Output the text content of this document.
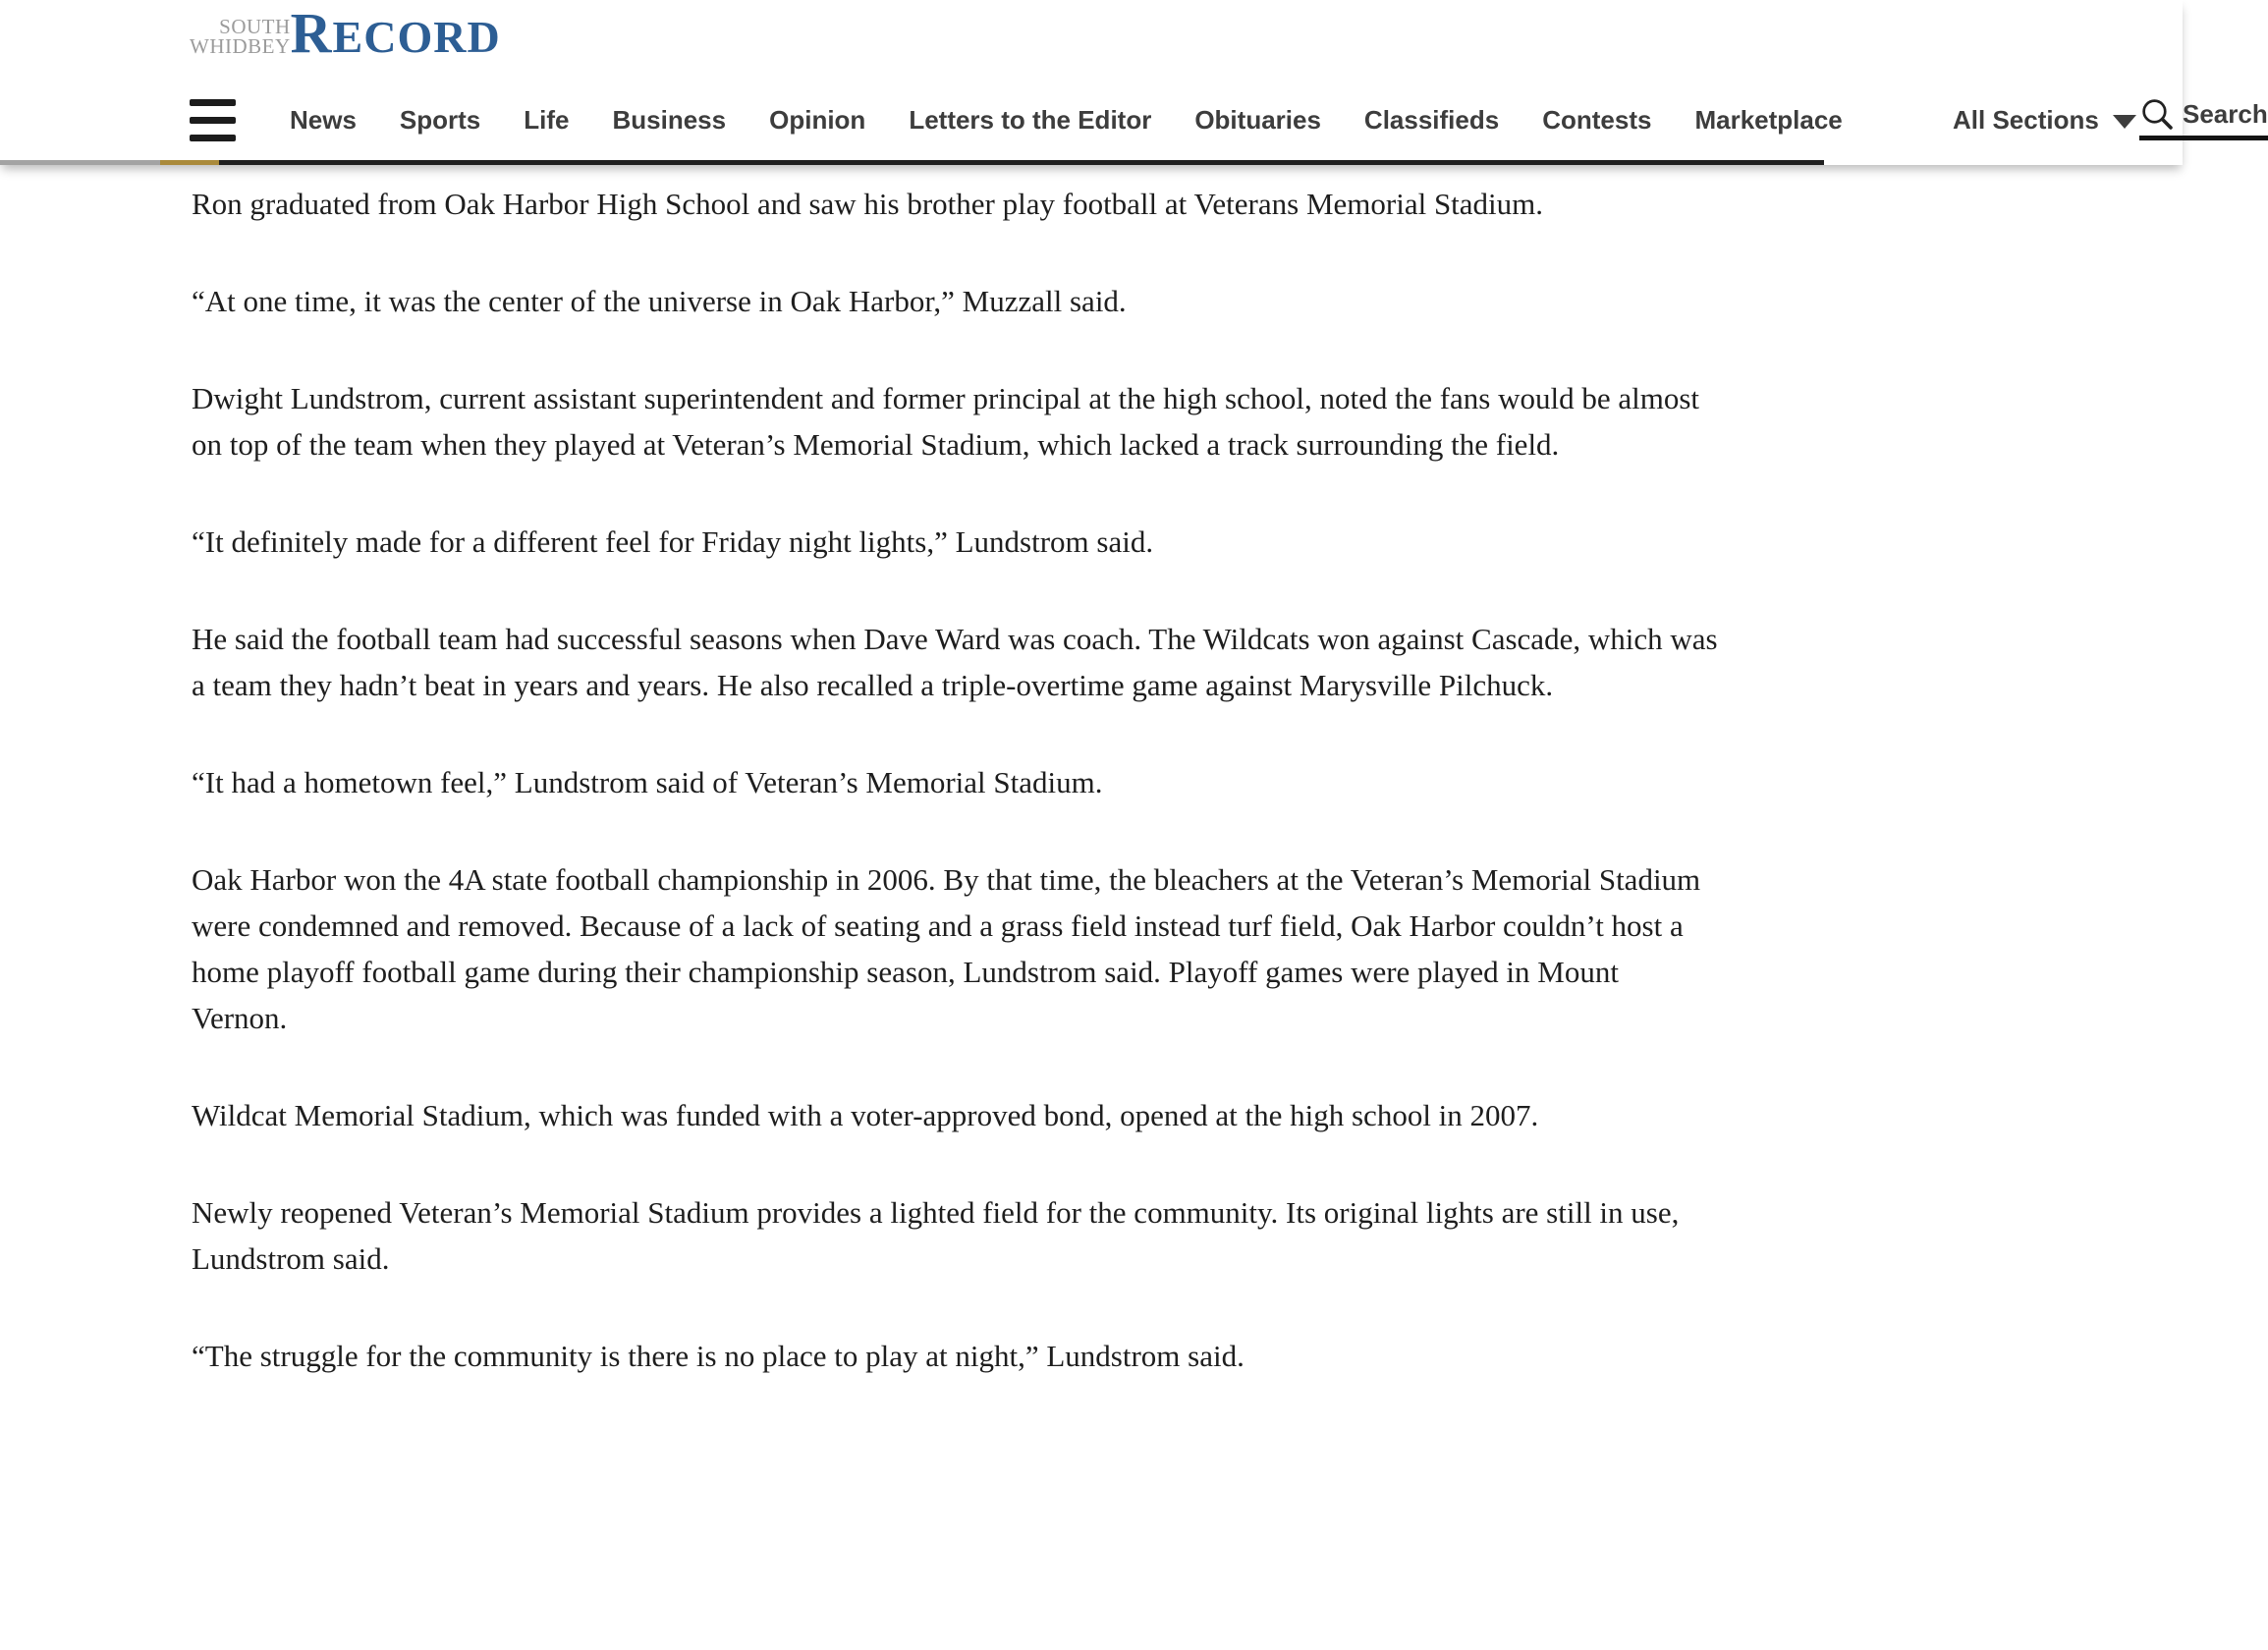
SOUTH
WHIDBEY RECORD
News Sports Life Business Opinion Letters to the Editor Obituaries Classifieds Contests Marketplace	All Sections	Search

Ron graduated from Oak Harbor High School and saw his brother play football at Veterans Memorial Stadium.

“At one time, it was the center of the universe in Oak Harbor,” Muzzall said.

Dwight Lundstrom, current assistant superintendent and former principal at the high school, noted the fans would be almost on top of the team when they played at Veteran’s Memorial Stadium, which lacked a track surrounding the field.

“It definitely made for a different feel for Friday night lights,” Lundstrom said.

He said the football team had successful seasons when Dave Ward was coach. The Wildcats won against Cascade, which was a team they hadn’t beat in years and years. He also recalled a triple-overtime game against Marysville Pilchuck.

“It had a hometown feel,” Lundstrom said of Veteran’s Memorial Stadium.

Oak Harbor won the 4A state football championship in 2006. By that time, the bleachers at the Veteran’s Memorial Stadium were condemned and removed. Because of a lack of seating and a grass field instead turf field, Oak Harbor couldn’t host a home playoff football game during their championship season, Lundstrom said. Playoff games were played in Mount Vernon.

Wildcat Memorial Stadium, which was funded with a voter-approved bond, opened at the high school in 2007.

Newly reopened Veteran’s Memorial Stadium provides a lighted field for the community. Its original lights are still in use, Lundstrom said.

“The struggle for the community is there is no place to play at night,” Lundstrom said.
